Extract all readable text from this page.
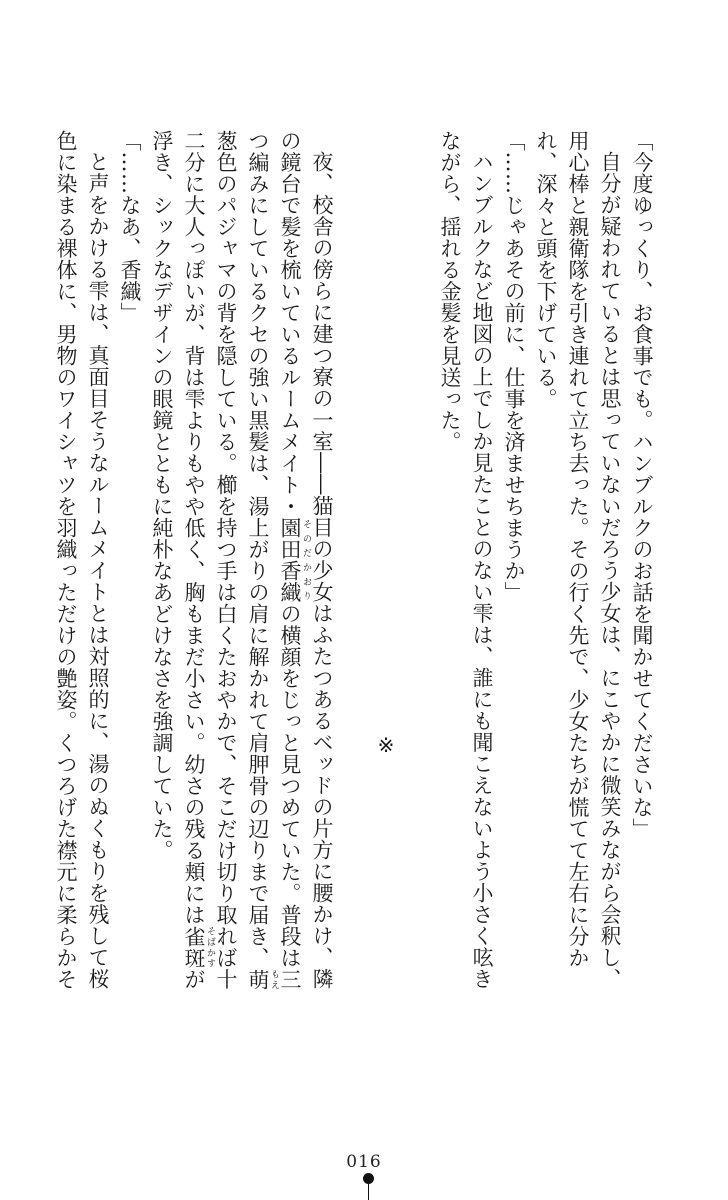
「今度ゆっくり、お食事でも。ハンブルクのお話を聞かせてくださいな」

自分が疑われているとは思っていないだろう少女は、にこやかに微笑みながら会釈し、用心棒と親衛隊を引き連れて立ち去った。その行く先で、少女たちが慌てて左右に分かれ、深々と頭を下げている。

「……じゃあその前に、仕事を済ませちまうか」

ハンブルクなど地図の上でしか見たことのない雫は、誰にも聞こえないよう小さく呟きながら、揺れる金髪を見送った。

※

夜、校舎の傍らに建つ寮の一室――猫目の少女はふたつあるベッドの片方に腰かけ、隣の鏡台で髪を梳いているルームメイト・園田香織 そのだかおりの横顔をじっと見つめていた。普段は三つ編みにしているクセの強い黒髪は、湯上がりの肩に解かれて肩胛骨の辺りまで届き、萌 もえ葱色のパジャマの背を隠している。櫛を持つ手は白くたおやかで、そこだけ切り取れば十二分に大人っぽいが、背は雫よりもやや低く、胸もまだ小さい。幼さの残る頬には雀斑 そばかすが浮き、シックなデザインの眼鏡とともに純朴なあどけなさを強調していた。

「……なあ、香織」

と声をかける雫は、真面目そうなルームメイトとは対照的に、湯のぬくもりを残して桜色に染まる裸体に、男物のワイシャツを羽織っただけの艶姿。くつろげた襟元に柔らかそ

016
